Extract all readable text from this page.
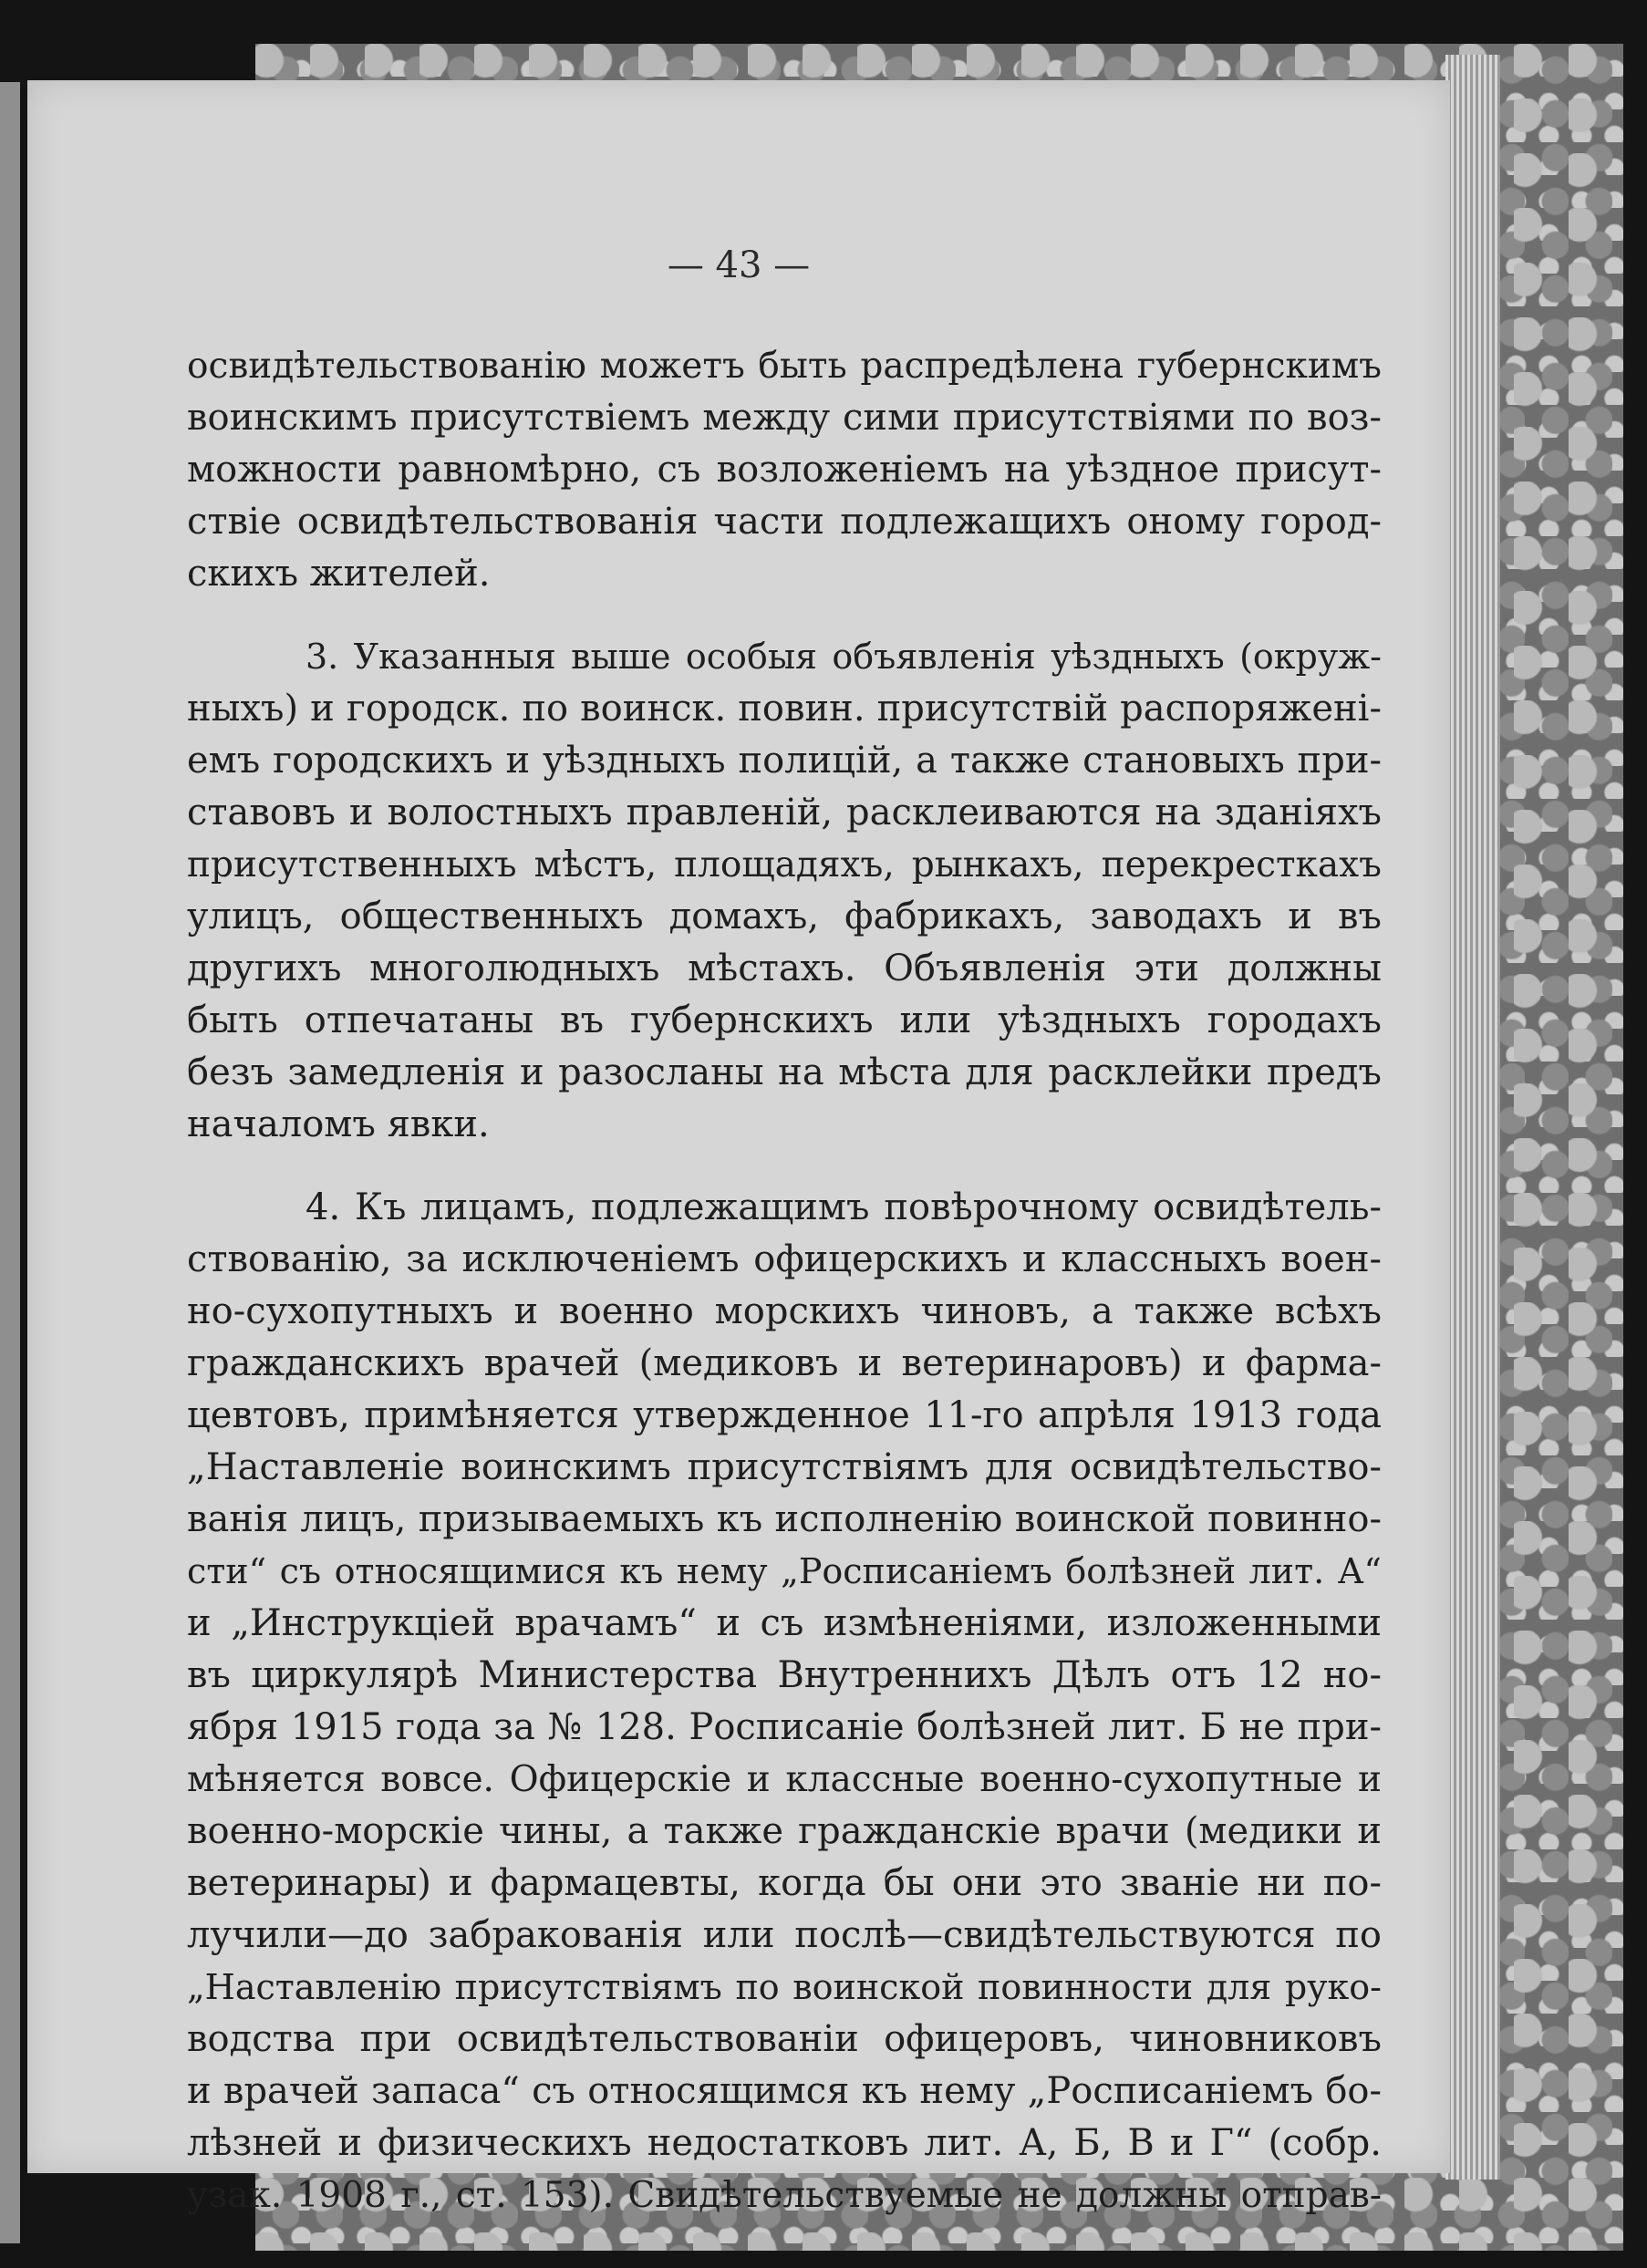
— 43 —
освидѣтельствованію можетъ быть распредѣлена губернскимъ
воинскимъ присутствіемъ между сими присутствіями по воз-
можности равномѣрно, съ возложеніемъ на уѣздное присут-
ствіе освидѣтельствованія части подлежащихъ оному город-
скихъ жителей.
3. Указанныя выше особыя объявленія уѣздныхъ (окруж-
ныхъ) и городск. по воинск. повин. присутствій распоряжені-
емъ городскихъ и уѣздныхъ полицій, а также становыхъ при-
ставовъ и волостныхъ правленій, расклеиваются на зданіяхъ
присутственныхъ мѣстъ, площадяхъ, рынкахъ, перекресткахъ
улицъ, общественныхъ домахъ, фабрикахъ, заводахъ и въ
другихъ многолюдныхъ мѣстахъ. Объявленія эти должны
быть отпечатаны въ губернскихъ или уѣздныхъ городахъ
безъ замедленія и разосланы на мѣста для расклейки предъ
началомъ явки.
4. Къ лицамъ, подлежащимъ повѣрочному освидѣтель-
ствованію, за исключеніемъ офицерскихъ и классныхъ воен-
но-сухопутныхъ и военно морскихъ чиновъ, а также всѣхъ
гражданскихъ врачей (медиковъ и ветеринаровъ) и фарма-
цевтовъ, примѣняется утвержденное 11-го апрѣля 1913 года
„Наставленіе воинскимъ присутствіямъ для освидѣтельство-
ванія лицъ, призываемыхъ къ исполненію воинской повинно-
сти“ съ относящимися къ нему „Росписаніемъ болѣзней лит. А“
и „Инструкціей врачамъ“ и съ измѣненіями, изложенными
въ циркулярѣ Министерства Внутреннихъ Дѣлъ отъ 12 но-
ября 1915 года за № 128. Росписаніе болѣзней лит. Б не при-
мѣняется вовсе. Офицерскіе и классные военно-сухопутные и
военно-морскіе чины, а также гражданскіе врачи (медики и
ветеринары) и фармацевты, когда бы они это званіе ни по-
лучили—до забракованія или послѣ—свидѣтельствуются по
„Наставленію присутствіямъ по воинской повинности для руко-
водства при освидѣтельствованіи офицеровъ, чиновниковъ
и врачей запаса“ съ относящимся къ нему „Росписаніемъ бо-
лѣзней и физическихъ недостатковъ лит. А, Б, В и Г“ (собр.
узак. 1908 г., ст. 153). Свидѣтельствуемые не должны отправ-
